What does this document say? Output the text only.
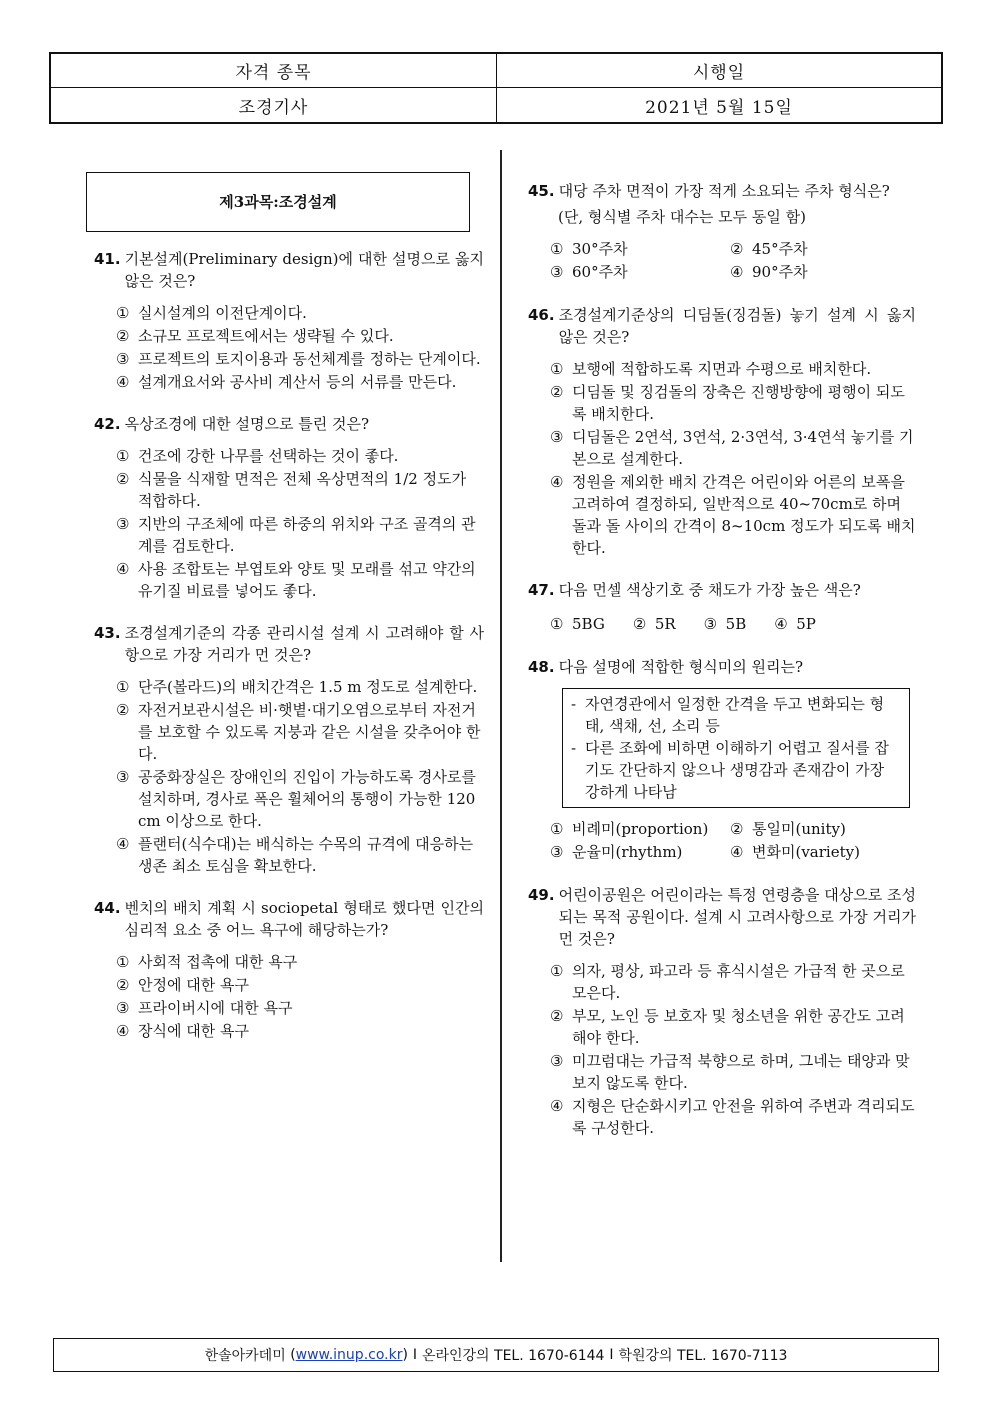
자격 종목	시행일
조경기사	2021년 5월 15일
제3과목:조경설계
41. 기본설계(Preliminary design)에 대한 설명으로 옳지 않은 것은?
① 실시설계의 이전단계이다.
② 소규모 프로젝트에서는 생략될 수 있다.
③ 프로젝트의 토지이용과 동선체계를 정하는 단계이다.
④ 설계개요서와 공사비 계산서 등의 서류를 만든다.
42. 옥상조경에 대한 설명으로 틀린 것은?
① 건조에 강한 나무를 선택하는 것이 좋다.
② 식물을 식재할 면적은 전체 옥상면적의 1/2 정도가 적합하다.
③ 지반의 구조체에 따른 하중의 위치와 구조 골격의 관계를 검토한다.
④ 사용 조합토는 부엽토와 양토 및 모래를 섞고 약간의 유기질 비료를 넣어도 좋다.
43. 조경설계기준의 각종 관리시설 설계 시 고려해야 할 사항으로 가장 거리가 먼 것은?
① 단주(볼라드)의 배치간격은 1.5 m 정도로 설계한다.
② 자전거보관시설은 비·햇볕·대기오염으로부터 자전거를 보호할 수 있도록 지붕과 같은 시설을 갖추어야 한다.
③ 공중화장실은 장애인의 진입이 가능하도록 경사로를 설치하며, 경사로 폭은 휠체어의 통행이 가능한 120 cm 이상으로 한다.
④ 플랜터(식수대)는 배식하는 수목의 규격에 대응하는 생존 최소 토심을 확보한다.
44. 벤치의 배치 계획 시 sociopetal 형태로 했다면 인간의 심리적 요소 중 어느 욕구에 해당하는가?
① 사회적 접촉에 대한 욕구
② 안정에 대한 욕구
③ 프라이버시에 대한 욕구
④ 장식에 대한 욕구
45. 대당 주차 면적이 가장 적게 소요되는 주차 형식은?
(단, 형식별 주차 대수는 모두 동일 함)
① 30°주차	② 45°주차
③ 60°주차	④ 90°주차
46. 조경설계기준상의 디딤돌(징검돌) 놓기 설계 시 옳지 않은 것은?
① 보행에 적합하도록 지면과 수평으로 배치한다.
② 디딤돌 및 징검돌의 장축은 진행방향에 평행이 되도록 배치한다.
③ 디딤돌은 2연석, 3연석, 2·3연석, 3·4연석 놓기를 기본으로 설계한다.
④ 정원을 제외한 배치 간격은 어린이와 어른의 보폭을 고려하여 결정하되, 일반적으로 40~70cm로 하며 돌과 돌 사이의 간격이 8~10cm 정도가 되도록 배치한다.
47. 다음 먼셀 색상기호 중 채도가 가장 높은 색은?
① 5BG ② 5R ③ 5B ④ 5P
48. 다음 설명에 적합한 형식미의 원리는?
- 자연경관에서 일정한 간격을 두고 변화되는 형태, 색채, 선, 소리 등
- 다른 조화에 비하면 이해하기 어렵고 질서를 잡기도 간단하지 않으나 생명감과 존재감이 가장 강하게 나타남
① 비례미(proportion)	② 통일미(unity)
③ 운율미(rhythm)	④ 변화미(variety)
49. 어린이공원은 어린이라는 특정 연령층을 대상으로 조성되는 목적 공원이다. 설계 시 고려사항으로 가장 거리가 먼 것은?
① 의자, 평상, 파고라 등 휴식시설은 가급적 한 곳으로 모은다.
② 부모, 노인 등 보호자 및 청소년을 위한 공간도 고려해야 한다.
③ 미끄럼대는 가급적 북향으로 하며, 그네는 태양과 맞보지 않도록 한다.
④ 지형은 단순화시키고 안전을 위하여 주변과 격리되도록 구성한다.
한솔아카데미
( www.inup.co.kr ) I 온라인강의 TEL. 1670-6144 I 학원강의 TEL. 1670-7113
